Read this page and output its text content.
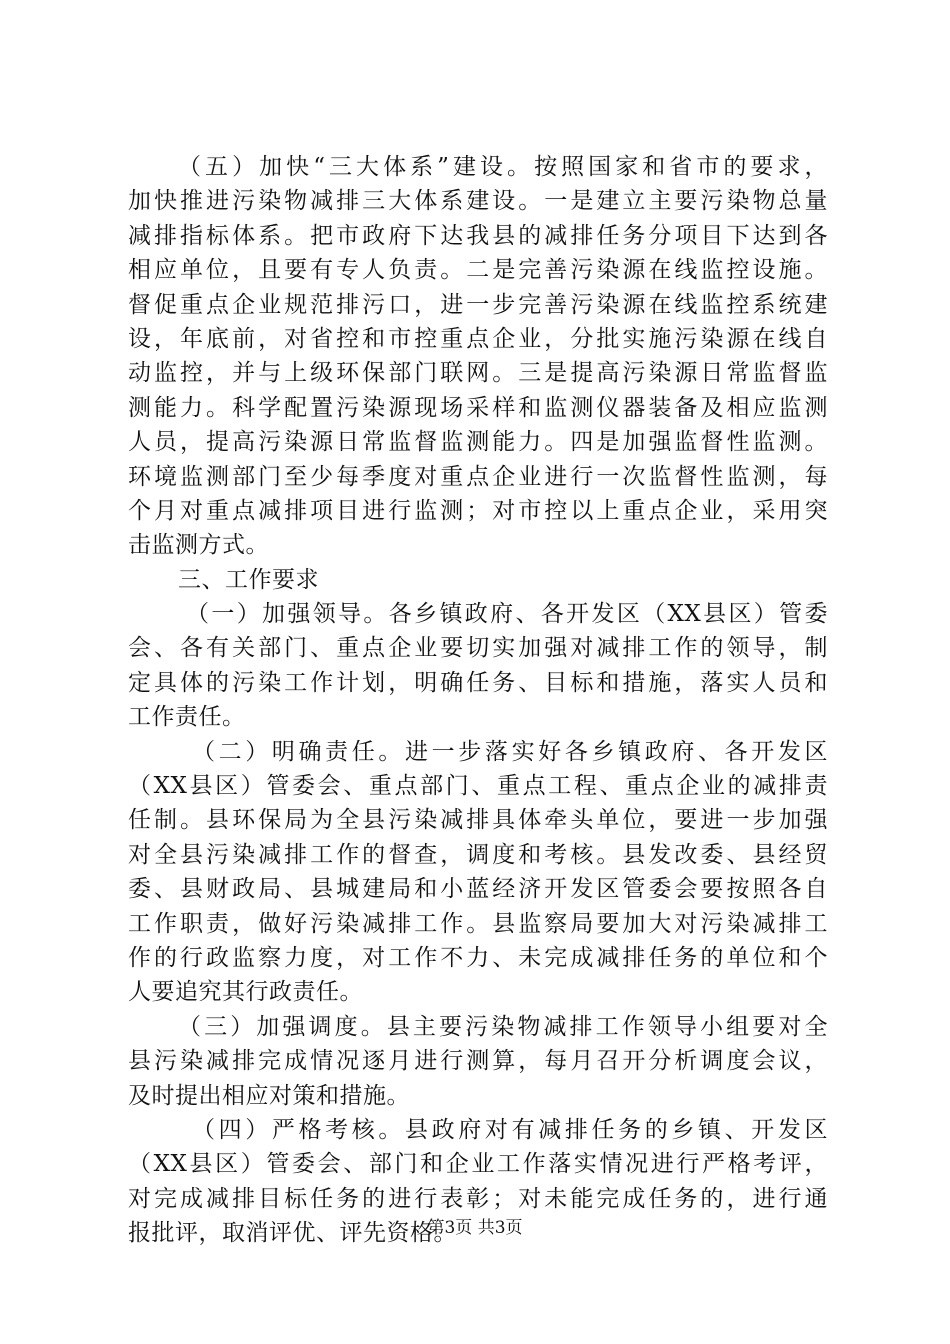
（五）加快“三大体系”建设。按照国家和省市的要求，
加快推进污染物减排三大体系建设。一是建立主要污染物总量
减排指标体系。把市政府下达我县的减排任务分项目下达到各
相应单位，且要有专人负责。二是完善污染源在线监控设施。
督促重点企业规范排污口，进一步完善污染源在线监控系统建
设，年底前，对省控和市控重点企业，分批实施污染源在线自
动监控，并与上级环保部门联网。三是提高污染源日常监督监
测能力。科学配置污染源现场采样和监测仪器装备及相应监测
人员，提高污染源日常监督监测能力。四是加强监督性监测。
环境监测部门至少每季度对重点企业进行一次监督性监测，每
个月对重点减排项目进行监测；对市控以上重点企业，采用突
击监测方式。
三、工作要求
（一）加强领导。各乡镇政府、各开发区（XX县区）管委
会、各有关部门、重点企业要切实加强对减排工作的领导，制
定具体的污染工作计划，明确任务、目标和措施，落实人员和
工作责任。
（二）明确责任。进一步落实好各乡镇政府、各开发区
（XX县区）管委会、重点部门、重点工程、重点企业的减排责
任制。县环保局为全县污染减排具体牵头单位，要进一步加强
对全县污染减排工作的督查，调度和考核。县发改委、县经贸
委、县财政局、县城建局和小蓝经济开发区管委会要按照各自
工作职责，做好污染减排工作。县监察局要加大对污染减排工
作的行政监察力度，对工作不力、未完成减排任务的单位和个
人要追究其行政责任。
（三）加强调度。县主要污染物减排工作领导小组要对全
县污染减排完成情况逐月进行测算，每月召开分析调度会议，
及时提出相应对策和措施。
（四）严格考核。县政府对有减排任务的乡镇、开发区
（XX县区）管委会、部门和企业工作落实情况进行严格考评，
对完成减排目标任务的进行表彰；对未能完成任务的，进行通
报批评，取消评优、评先资格。
第3页 共3页
